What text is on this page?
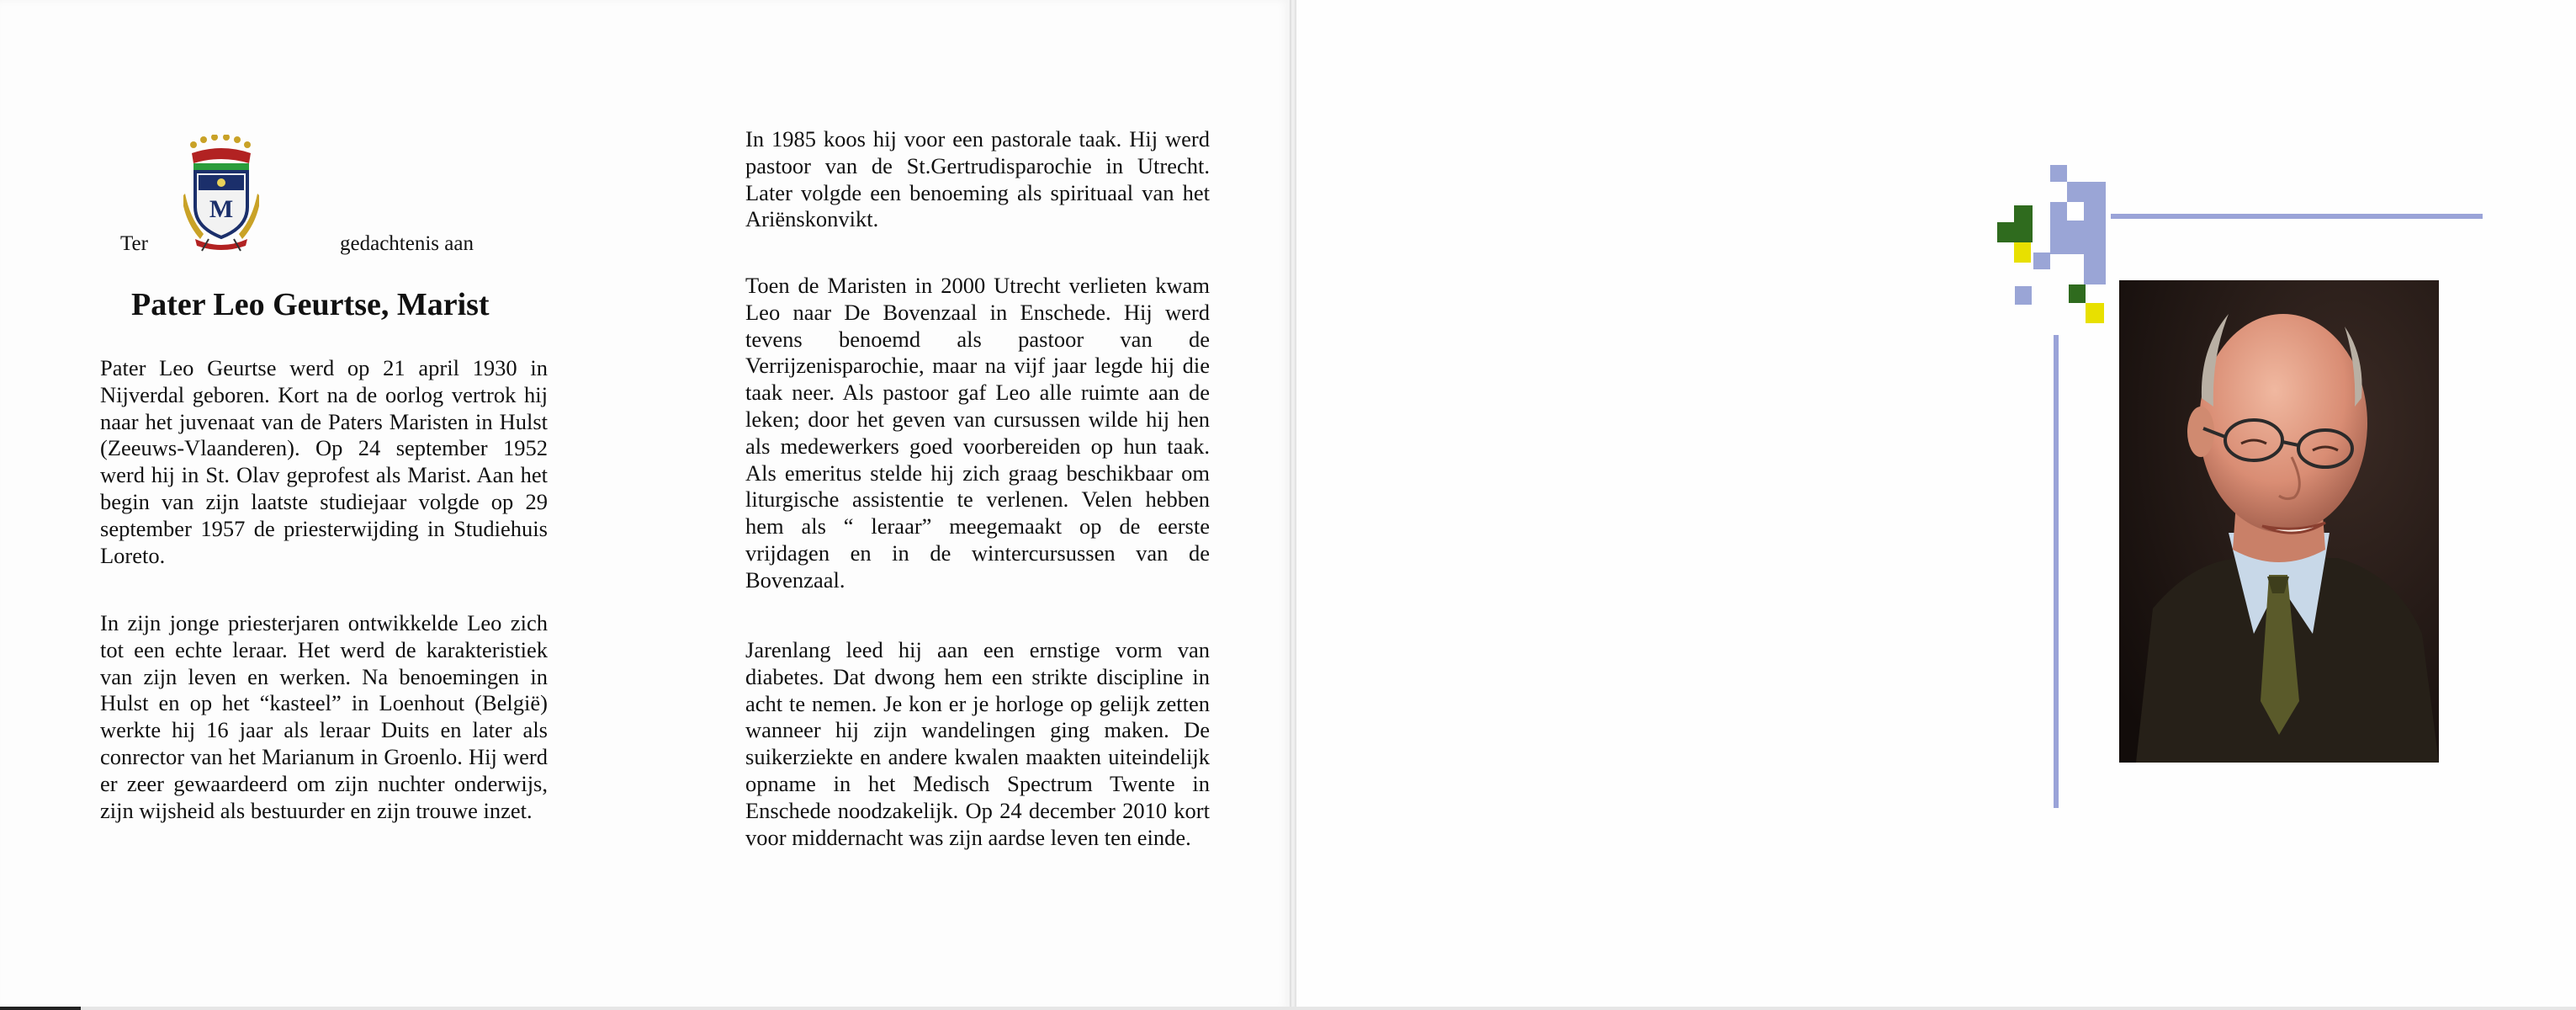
M
Ter	gedachtenis aan
Pater Leo Geurtse, Marist

Pater Leo Geurtse werd op 21 april 1930 in Nijverdal geboren. Kort na de oorlog vertrok hij naar het juvenaat van de Paters Maristen in Hulst (Zeeuws-Vlaanderen). Op 24 september 1952 werd hij in St. Olav geprofest als Marist. Aan het begin van zijn laatste studiejaar volgde op 29 september 1957 de priesterwijding in Studiehuis Loreto.

In zijn jonge priesterjaren ontwikkelde Leo zich tot een echte leraar. Het werd de karakteristiek van zijn leven en werken. Na benoemingen in Hulst en op het “kasteel” in Loenhout (België) werkte hij 16 jaar als leraar Duits en later als conrector van het Marianum in Groenlo. Hij werd er zeer gewaardeerd om zijn nuchter onderwijs, zijn wijsheid als bestuurder en zijn trouwe inzet.

In 1985 koos hij voor een pastorale taak. Hij werd pastoor van de St.Gertrudisparochie in Utrecht. Later volgde een benoeming als spirituaal van het Ariënskonvikt.

Toen de Maristen in 2000 Utrecht verlieten kwam Leo naar De Bovenzaal in Enschede. Hij werd tevens benoemd als pastoor van de Verrijzenisparochie, maar na vijf jaar legde hij die taak neer. Als pastoor gaf Leo alle ruimte aan de leken; door het geven van cursussen wilde hij hen als medewerkers goed voorbereiden op hun taak. Als emeritus stelde hij zich graag beschikbaar om liturgische assistentie te verlenen. Velen hebben hem als “ leraar” meegemaakt op de eerste vrijdagen en in de wintercursussen van de Bovenzaal.

Jarenlang leed hij aan een ernstige vorm van diabetes. Dat dwong hem een strikte discipline in acht te nemen. Je kon er je horloge op gelijk zetten wanneer hij zijn wandelingen ging maken. De suikerziekte en andere kwalen maakten uiteindelijk opname in het Medisch Spectrum Twente in Enschede noodzakelijk. Op 24 december 2010 kort voor middernacht was zijn aardse leven ten einde.
